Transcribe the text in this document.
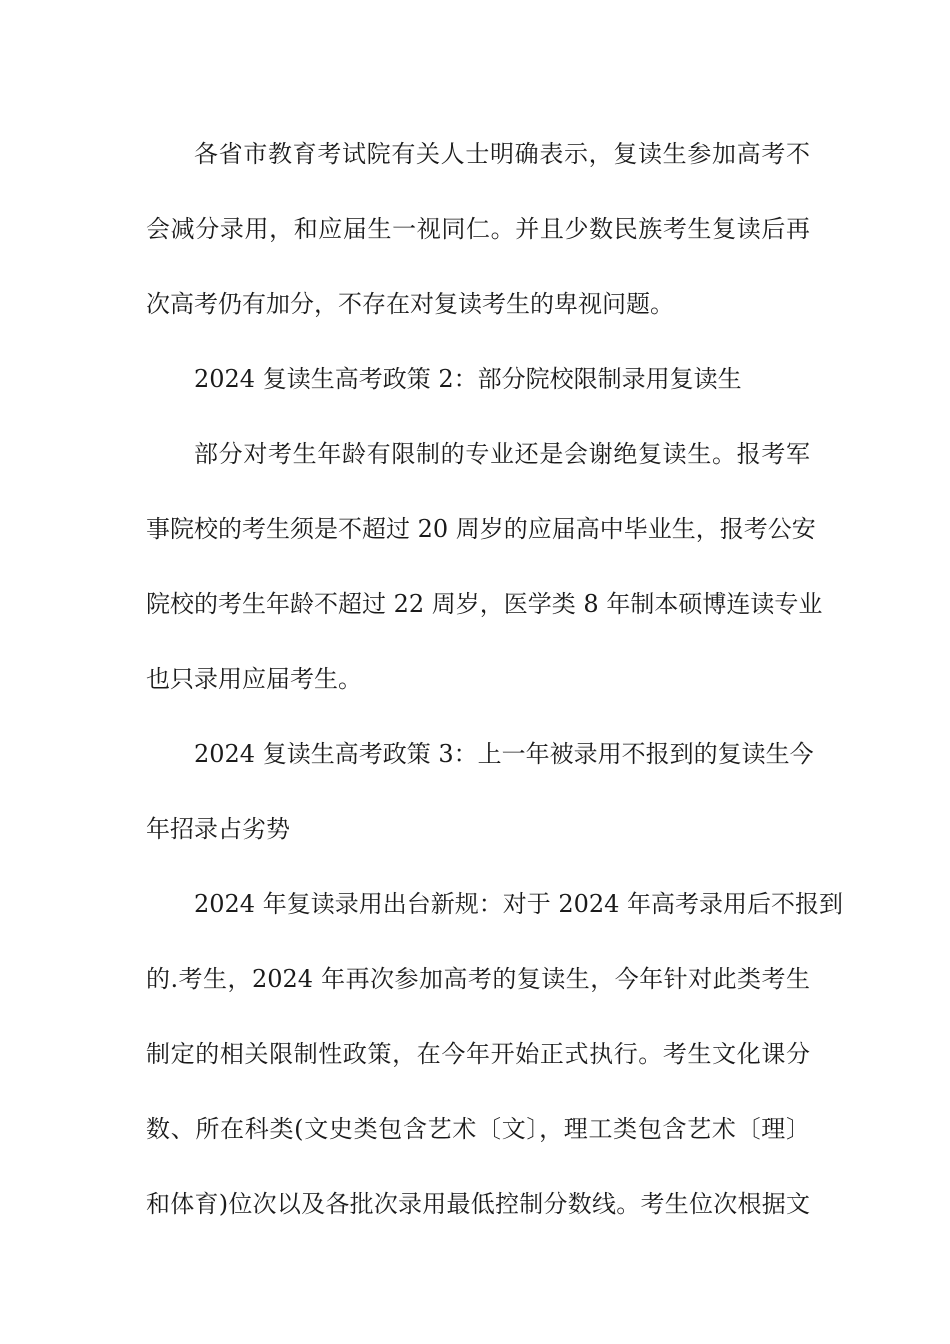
各省市教育考试院有关人士明确表示，复读生参加高考不
会减分录用，和应届生一视同仁。并且少数民族考生复读后再
次高考仍有加分，不存在对复读考生的卑视问题。
2024 复读生高考政策 2：部分院校限制录用复读生
部分对考生年龄有限制的专业还是会谢绝复读生。报考军
事院校的考生须是不超过 20 周岁的应届高中毕业生，报考公安
院校的考生年龄不超过 22 周岁，医学类 8 年制本硕博连读专业
也只录用应届考生。
2024 复读生高考政策 3：上一年被录用不报到的复读生今
年招录占劣势
2024 年复读录用出台新规：对于 2024 年高考录用后不报到
的.考生，2024 年再次参加高考的复读生，今年针对此类考生
制定的相关限制性政策，在今年开始正式执行。考生文化课分
数、所在科类(文史类包含艺术〔文〕，理工类包含艺术〔理〕
和体育)位次以及各批次录用最低控制分数线。考生位次根据文
